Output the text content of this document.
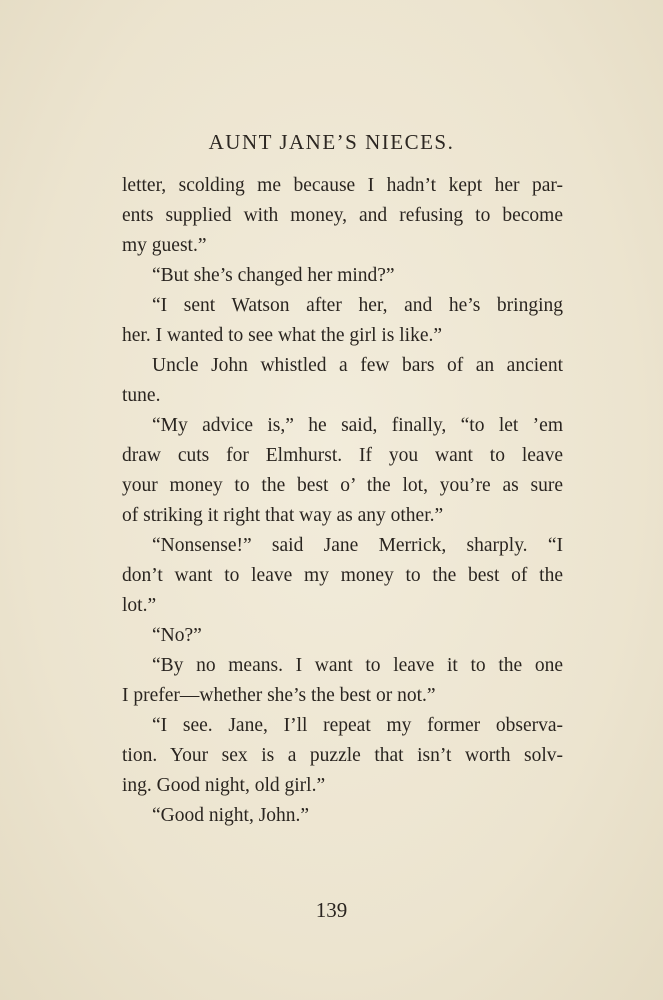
AUNT JANE’S NIECES.
letter, scolding me because I hadn’t kept her par-
ents supplied with money, and refusing to become
my guest.”
“But she’s changed her mind?”
“I sent Watson after her, and he’s bringing
her. I wanted to see what the girl is like.”
Uncle John whistled a few bars of an ancient
tune.
“My advice is,” he said, finally, “to let ’em
draw cuts for Elmhurst. If you want to leave
your money to the best o’ the lot, you’re as sure
of striking it right that way as any other.”
“Nonsense!” said Jane Merrick, sharply. “I
don’t want to leave my money to the best of the
lot.”
“No?”
“By no means. I want to leave it to the one
I prefer—whether she’s the best or not.”
“I see. Jane, I’ll repeat my former observa-
tion. Your sex is a puzzle that isn’t worth solv-
ing. Good night, old girl.”
“Good night, John.”
139
